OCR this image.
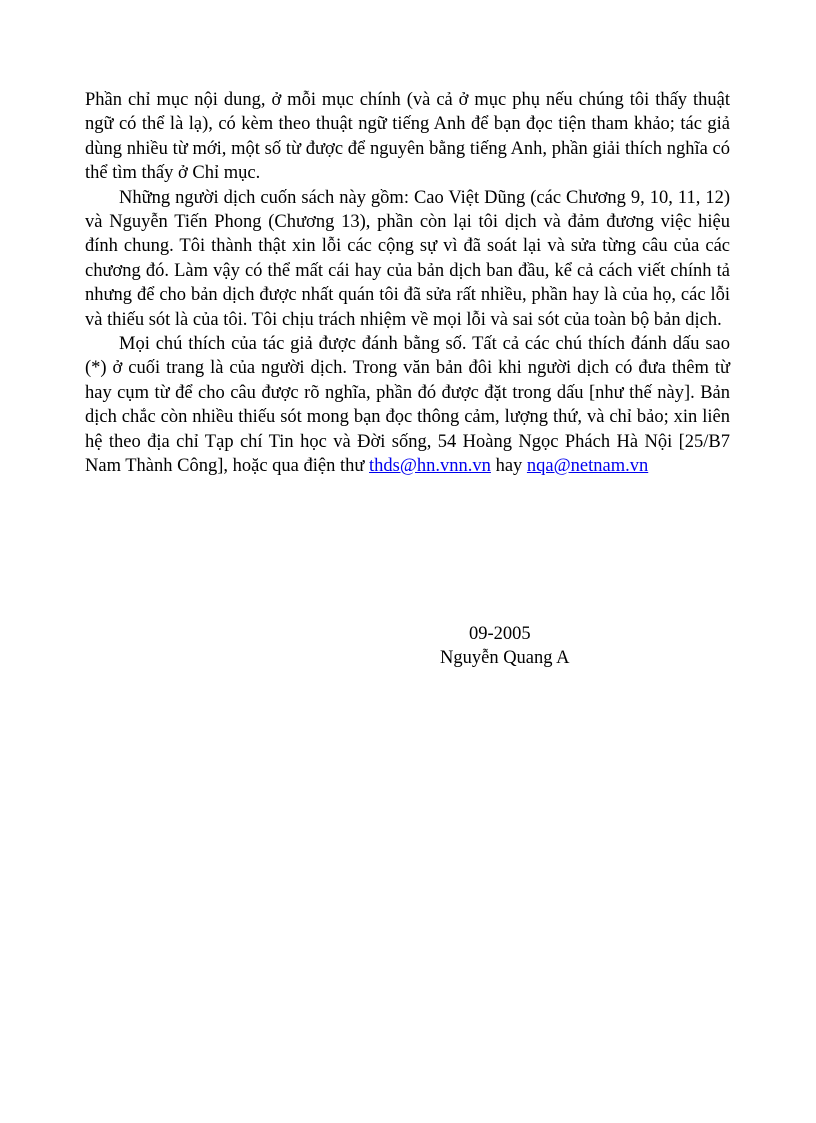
Phần chỉ mục nội dung, ở mỗi mục chính (và cả ở mục phụ nếu chúng tôi thấy thuật ngữ có thể là lạ), có kèm theo thuật ngữ tiếng Anh để bạn đọc tiện tham khảo; tác giả dùng nhiều từ mới, một số từ được để nguyên bằng tiếng Anh, phần giải thích nghĩa có thể tìm thấy ở Chỉ mục.

Những người dịch cuốn sách này gồm: Cao Việt Dũng (các Chương 9, 10, 11, 12) và Nguyễn Tiến Phong (Chương 13), phần còn lại tôi dịch và đảm đương việc hiệu đính chung. Tôi thành thật xin lỗi các cộng sự vì đã soát lại và sửa từng câu của các chương đó. Làm vậy có thể mất cái hay của bản dịch ban đầu, kể cả cách viết chính tả nhưng để cho bản dịch được nhất quán tôi đã sửa rất nhiều, phần hay là của họ, các lỗi và thiếu sót là của tôi. Tôi chịu trách nhiệm về mọi lỗi và sai sót của toàn bộ bản dịch.

Mọi chú thích của tác giả được đánh bằng số. Tất cả các chú thích đánh dấu sao (*) ở cuối trang là của người dịch. Trong văn bản đôi khi người dịch có đưa thêm từ hay cụm từ để cho câu được rõ nghĩa, phần đó được đặt trong dấu [như thế này]. Bản dịch chắc còn nhiều thiếu sót mong bạn đọc thông cảm, lượng thứ, và chỉ bảo; xin liên hệ theo địa chỉ Tạp chí Tin học và Đời sống, 54 Hoàng Ngọc Phách Hà Nội [25/B7 Nam Thành Công], hoặc qua điện thư thds@hn.vnn.vn hay nqa@netnam.vn

09-2005
Nguyễn Quang A
